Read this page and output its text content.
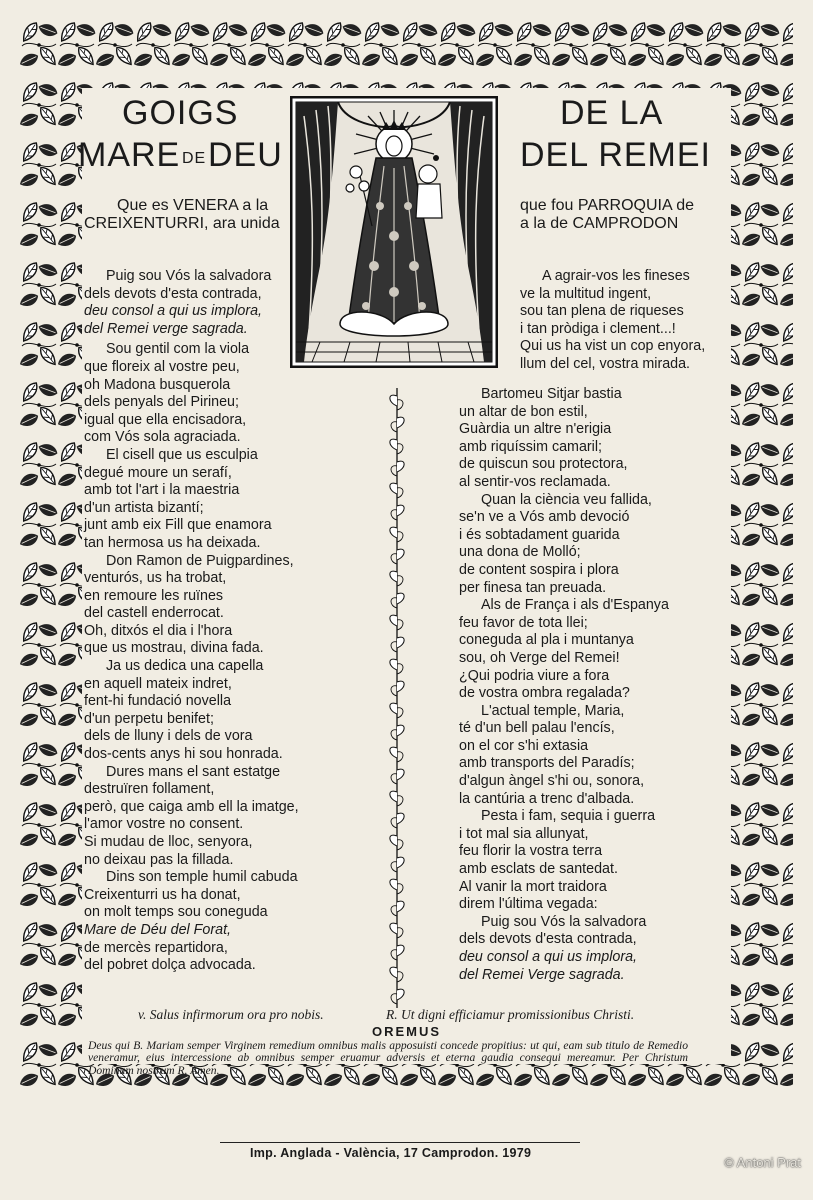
GOIGS	DE LA
MARE DE DEU	DEL REMEI
Que es VENERA a la
CREIXENTURRI, ara unida
que fou PARROQUIA de
a la de CAMPRODON
Puig sou Vós la salvadora
dels devots d'esta contrada,
deu consol a qui us implora,
del Remei verge sagrada.
Sou gentil com la viola
que floreix al vostre peu,
oh Madona busquerola
dels penyals del Pirineu;
igual que ella encisadora,
com Vós sola agraciada.
El cisell que us esculpia
degué moure un serafí,
amb tot l'art i la maestria
d'un artista bizantí;
junt amb eix Fill que enamora
tan hermosa us ha deixada.
Don Ramon de Puigpardines,
venturós, us ha trobat,
en remoure les ruïnes
del castell enderrocat.
Oh, ditxós el dia i l'hora
que us mostrau, divina fada.
Ja us dedica una capella
en aquell mateix indret,
fent-hi fundació novella
d'un perpetu benifet;
dels de lluny i dels de vora
dos-cents anys hi sou honrada.
Dures mans el sant estatge
destruïren follament,
però, que caiga amb ell la imatge,
l'amor vostre no consent.
Si mudau de lloc, senyora,
no deixau pas la fillada.
Dins son temple humil cabuda
Creixenturri us ha donat,
on molt temps sou coneguda
Mare de Déu del Forat,
de mercès repartidora,
del pobret dolça advocada.
A agrair-vos les fineses
ve la multitud ingent,
sou tan plena de riqueses
i tan pròdiga i clement...!
Qui us ha vist un cop enyora,
llum del cel, vostra mirada.
Bartomeu Sitjar bastia
un altar de bon estil,
Guàrdia un altre n'erigia
amb riquíssim camaril;
de quiscun sou protectora,
al sentir-vos reclamada.
Quan la ciència veu fallida,
se'n ve a Vós amb devoció
i és sobtadament guarida
una dona de Molló;
de content sospira i plora
per finesa tan preuada.
Als de França i als d'Espanya
feu favor de tota llei;
coneguda al pla i muntanya
sou, oh Verge del Remei!
¿Qui podria viure a fora
de vostra ombra regalada?
L'actual temple, Maria,
té d'un bell palau l'encís,
on el cor s'hi extasia
amb transports del Paradís;
d'algun àngel s'hi ou, sonora,
la cantúria a trenc d'albada.
Pesta i fam, sequia i guerra
i tot mal sia allunyat,
feu florir la vostra terra
amb esclats de santedat.
Al vanir la mort traidora
direm l'última vegada:
Puig sou Vós la salvadora
dels devots d'esta contrada,
deu consol a qui us implora,
del Remei Verge sagrada.
v. Salus infirmorum ora pro nobis.	R. Ut digni efficiamur promissionibus Christi.
OREMUS
Deus qui B. Mariam semper Virginem remedium omnibus malis apposuisti concede propitius: ut qui, eam sub titulo de Remedio veneramur, eius intercessione ab omnibus semper eruamur adversis et eterna gaudia consequi mereamur. Per Christum Dominum nostrum R. Amen.
Imp. Anglada - València, 17 Camprodon. 1979
© Antoni Prat
